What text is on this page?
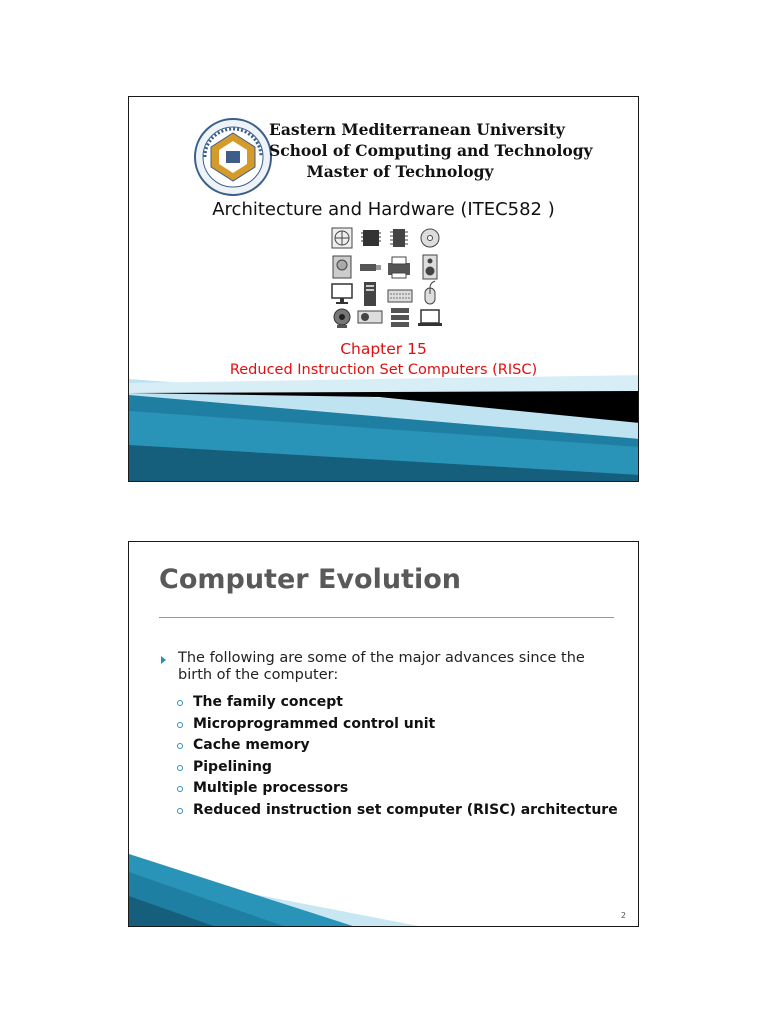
Eastern Mediterranean University
School of Computing and Technology
Master of Technology
Architecture and Hardware (ITEC582 )
Chapter 15
Reduced Instruction Set Computers (RISC)
Computer Evolution
The following are some of the major advances since the birth of the computer:
The family concept
Microprogrammed control unit
Cache memory
Pipelining
Multiple processors
Reduced instruction set computer (RISC) architecture
2
